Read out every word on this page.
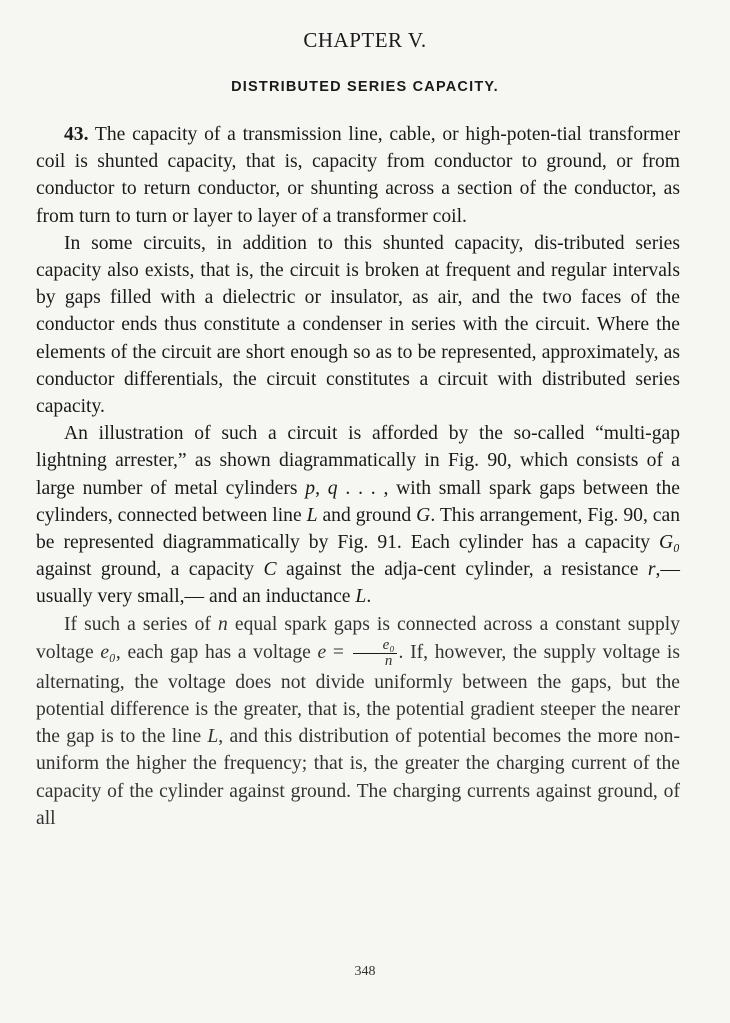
CHAPTER V.
DISTRIBUTED SERIES CAPACITY.

43. The capacity of a transmission line, cable, or high-poten-tial transformer coil is shunted capacity, that is, capacity from conductor to ground, or from conductor to return conductor, or shunting across a section of the conductor, as from turn to turn or layer to layer of a transformer coil.

In some circuits, in addition to this shunted capacity, dis-tributed series capacity also exists, that is, the circuit is broken at frequent and regular intervals by gaps filled with a dielectric or insulator, as air, and the two faces of the conductor ends thus constitute a condenser in series with the circuit. Where the elements of the circuit are short enough so as to be represented, approximately, as conductor differentials, the circuit constitutes a circuit with distributed series capacity.

An illustration of such a circuit is afforded by the so-called “multi-gap lightning arrester,” as shown diagrammatically in Fig. 90, which consists of a large number of metal cylinders p, q . . . , with small spark gaps between the cylinders, connected between line L and ground G. This arrangement, Fig. 90, can be represented diagrammatically by Fig. 91. Each cylinder has a capacity G₀ against ground, a capacity C against the adja-cent cylinder, a resistance r,— usually very small,— and an inductance L.

If such a series of n equal spark gaps is connected across a constant supply voltage e₀, each gap has a voltage $e = \frac{\text{e₀}}{n}$ . If, however, the supply voltage is alternating, the voltage does not divide uniformly between the gaps, but the potential difference is the greater, that is, the potential gradient steeper the nearer the gap is to the line L, and this distribution of potential becomes the more non-uniform the higher the frequency; that is, the greater the charging current of the capacity of the cylinder against ground. The charging currents against ground, of all

348
